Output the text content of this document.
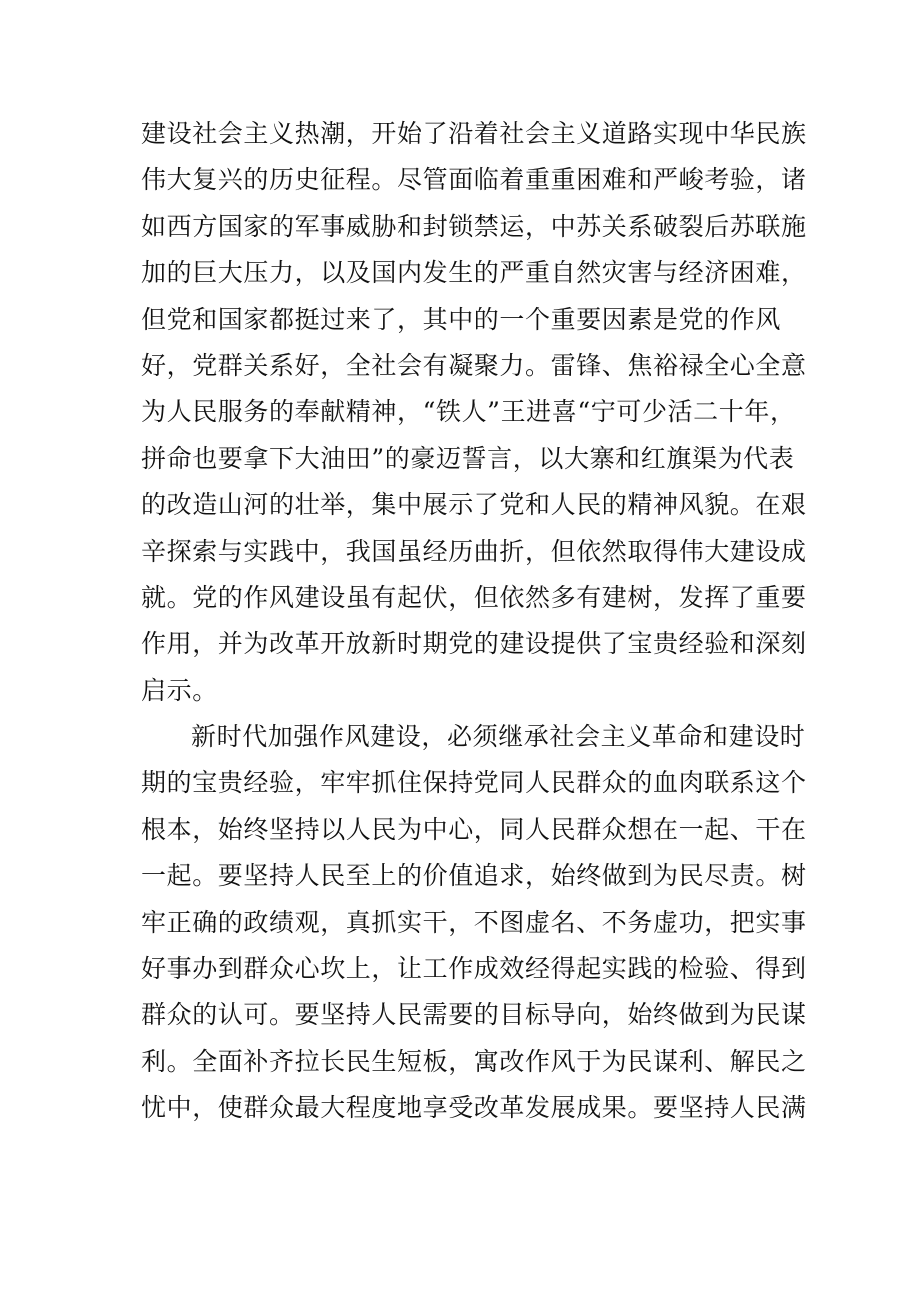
建设社会主义热潮，开始了沿着社会主义道路实现中华民族
伟大复兴的历史征程。尽管面临着重重困难和严峻考验，诸
如西方国家的军事威胁和封锁禁运，中苏关系破裂后苏联施
加的巨大压力，以及国内发生的严重自然灾害与经济困难，
但党和国家都挺过来了，其中的一个重要因素是党的作风
好，党群关系好，全社会有凝聚力。雷锋、焦裕禄全心全意
为人民服务的奉献精神，“铁人”王进喜“宁可少活二十年，
拼命也要拿下大油田”的豪迈誓言，以大寨和红旗渠为代表
的改造山河的壮举，集中展示了党和人民的精神风貌。在艰
辛探索与实践中，我国虽经历曲折，但依然取得伟大建设成
就。党的作风建设虽有起伏，但依然多有建树，发挥了重要
作用，并为改革开放新时期党的建设提供了宝贵经验和深刻
启示。
新时代加强作风建设，必须继承社会主义革命和建设时
期的宝贵经验，牢牢抓住保持党同人民群众的血肉联系这个
根本，始终坚持以人民为中心，同人民群众想在一起、干在
一起。要坚持人民至上的价值追求，始终做到为民尽责。树
牢正确的政绩观，真抓实干，不图虚名、不务虚功，把实事
好事办到群众心坎上，让工作成效经得起实践的检验、得到
群众的认可。要坚持人民需要的目标导向，始终做到为民谋
利。全面补齐拉长民生短板，寓改作风于为民谋利、解民之
忧中，使群众最大程度地享受改革发展成果。要坚持人民满
